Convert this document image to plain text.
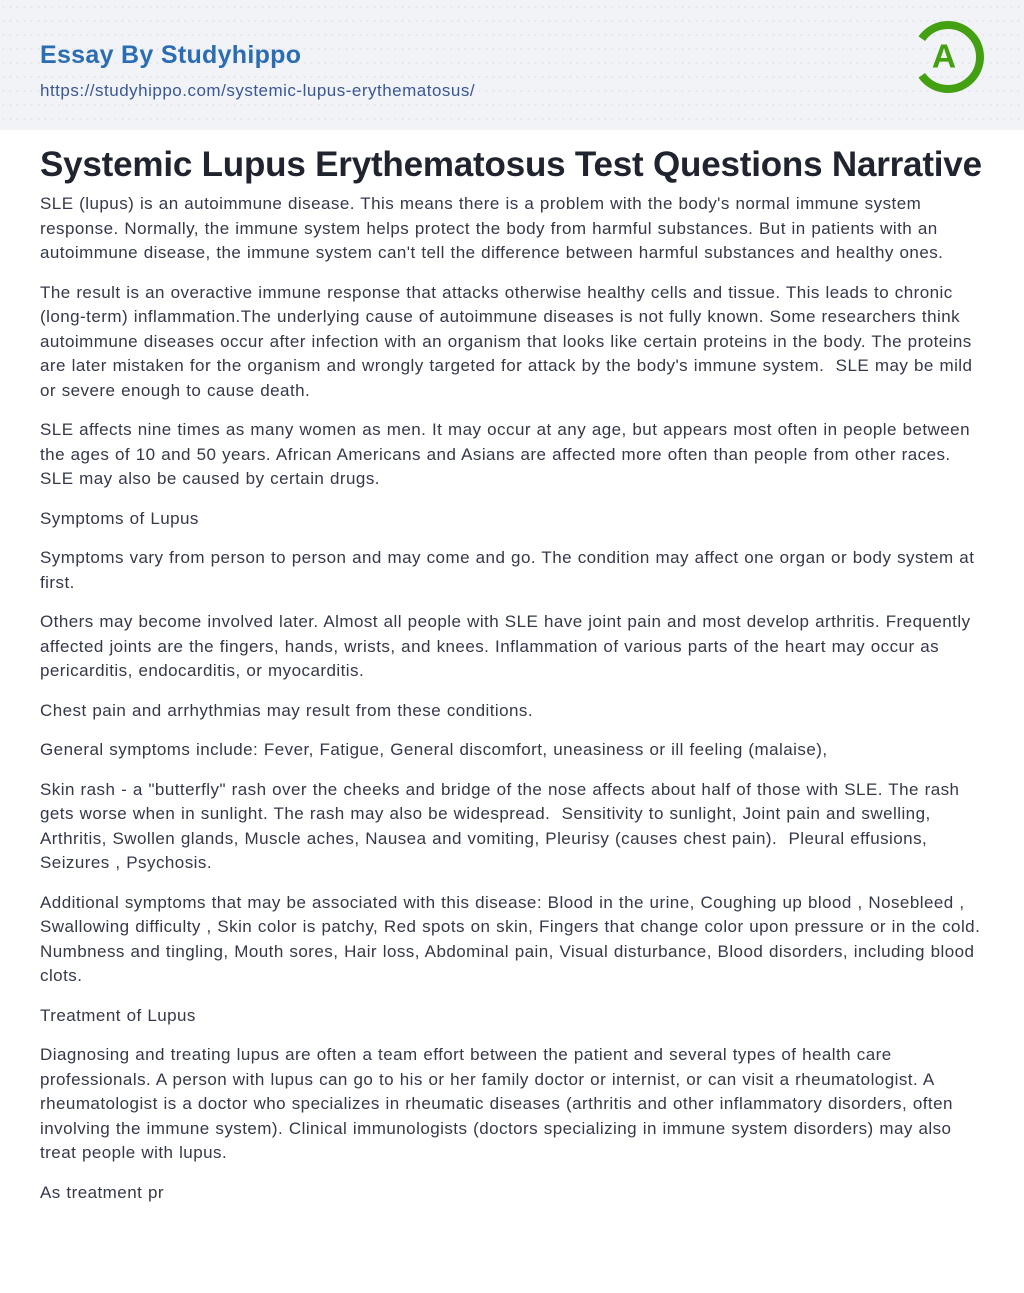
Essay By Studyhippo
https://studyhippo.com/systemic-lupus-erythematosus/
A
Systemic Lupus Erythematosus Test Questions Narrative

SLE (lupus) is an autoimmune disease. This means there is a problem with the body's normal immune system response. Normally, the immune system helps protect the body from harmful substances. But in patients with an autoimmune disease, the immune system can't tell the difference between harmful substances and healthy ones.

The result is an overactive immune response that attacks otherwise healthy cells and tissue. This leads to chronic (long-term) inflammation.The underlying cause of autoimmune diseases is not fully known. Some researchers think autoimmune diseases occur after infection with an organism that looks like certain proteins in the body. The proteins are later mistaken for the organism and wrongly targeted for attack by the body's immune system.  SLE may be mild or severe enough to cause death.

SLE affects nine times as many women as men. It may occur at any age, but appears most often in people between the ages of 10 and 50 years. African Americans and Asians are affected more often than people from other races. SLE may also be caused by certain drugs.

Symptoms of Lupus

Symptoms vary from person to person and may come and go. The condition may affect one organ or body system at first.

Others may become involved later. Almost all people with SLE have joint pain and most develop arthritis. Frequently affected joints are the fingers, hands, wrists, and knees. Inflammation of various parts of the heart may occur as pericarditis, endocarditis, or myocarditis.

Chest pain and arrhythmias may result from these conditions.

General symptoms include: Fever, Fatigue, General discomfort, uneasiness or ill feeling (malaise),

Skin rash - a "butterfly" rash over the cheeks and bridge of the nose affects about half of those with SLE. The rash gets worse when in sunlight. The rash may also be widespread.  Sensitivity to sunlight, Joint pain and swelling, Arthritis, Swollen glands, Muscle aches, Nausea and vomiting, Pleurisy (causes chest pain).  Pleural effusions, Seizures , Psychosis.

Additional symptoms that may be associated with this disease: Blood in the urine, Coughing up blood , Nosebleed , Swallowing difficulty , Skin color is patchy, Red spots on skin, Fingers that change color upon pressure or in the cold.   Numbness and tingling, Mouth sores, Hair loss, Abdominal pain, Visual disturbance, Blood disorders, including blood clots.

Treatment of Lupus

Diagnosing and treating lupus are often a team effort between the patient and several types of health care professionals. A person with lupus can go to his or her family doctor or internist, or can visit a rheumatologist. A rheumatologist is a doctor who specializes in rheumatic diseases (arthritis and other inflammatory disorders, often involving the immune system). Clinical immunologists (doctors specializing in immune system disorders) may also treat people with lupus.

As treatment pr
